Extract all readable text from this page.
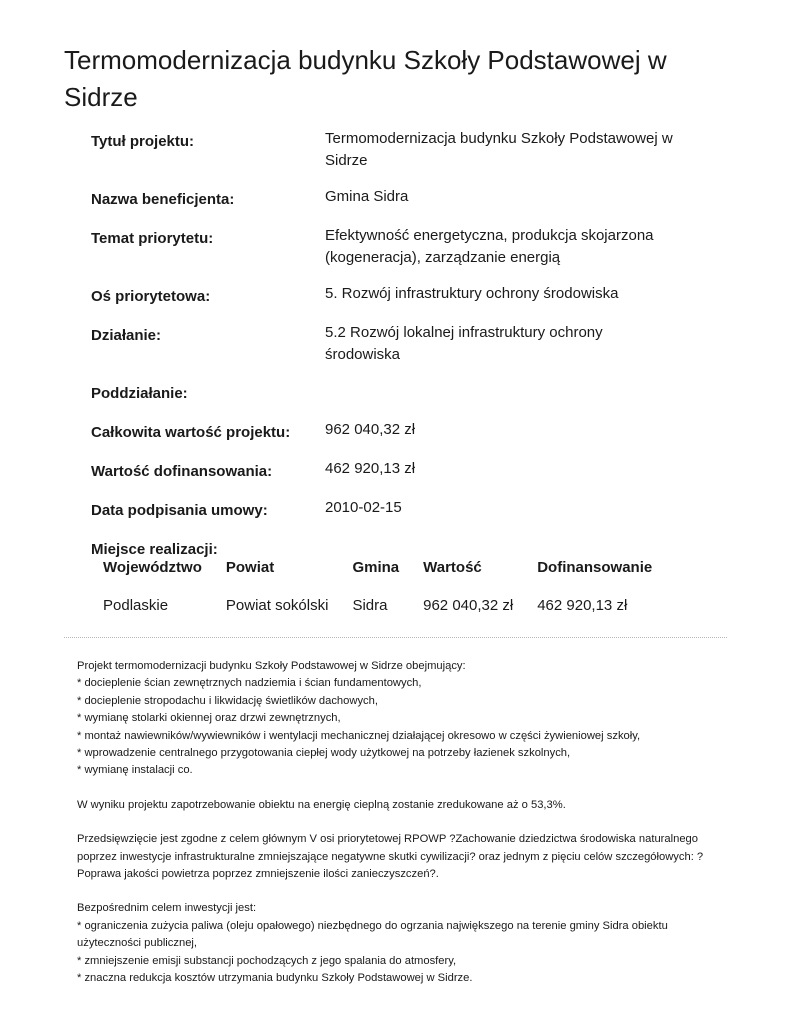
Termomodernizacja budynku Szkoły Podstawowej w Sidrze
Tytuł projektu:	Termomodernizacja budynku Szkoły Podstawowej w Sidrze
Nazwa beneficjenta:	Gmina Sidra
Temat priorytetu:	Efektywność energetyczna, produkcja skojarzona (kogeneracja), zarządzanie energią
Oś priorytetowa:	5. Rozwój infrastruktury ochrony środowiska
Działanie:	5.2 Rozwój lokalnej infrastruktury ochrony środowiska
Poddziałanie:
Całkowita wartość projektu:	962 040,32 zł
Wartość dofinansowania:	462 920,13 zł
Data podpisania umowy:	2010-02-15
Miejsce realizacji:
Województwo	Powiat	Gmina	Wartość	Dofinansowanie
Podlaskie	Powiat sokólski	Sidra	962 040,32 zł	462 920,13 zł

Projekt termomodernizacji budynku Szkoły Podstawowej w Sidrze obejmujący:
* docieplenie ścian zewnętrznych nadziemia i ścian fundamentowych,
* docieplenie stropodachu i likwidację świetlików dachowych,
* wymianę stolarki okiennej oraz drzwi zewnętrznych,
* montaż nawiewników/wywiewników i wentylacji mechanicznej działającej okresowo w części żywieniowej szkoły,
* wprowadzenie centralnego przygotowania ciepłej wody użytkowej na potrzeby łazienek szkolnych,
* wymianę instalacji co.

W wyniku projektu zapotrzebowanie obiektu na energię cieplną zostanie zredukowane aż o 53,3%.

Przedsięwzięcie jest zgodne z celem głównym V osi priorytetowej RPOWP ?Zachowanie dziedzictwa środowiska naturalnego poprzez inwestycje infrastrukturalne zmniejszające negatywne skutki cywilizacji? oraz jednym z pięciu celów szczegółowych: ?Poprawa jakości powietrza poprzez zmniejszenie ilości zanieczyszczeń?.

Bezpośrednim celem inwestycji jest:
* ograniczenia zużycia paliwa (oleju opałowego) niezbędnego do ogrzania największego na terenie gminy Sidra obiektu użyteczności publicznej,
* zmniejszenie emisji substancji pochodzących z jego spalania do atmosfery,
* znaczna redukcja kosztów utrzymania budynku Szkoły Podstawowej w Sidrze.
